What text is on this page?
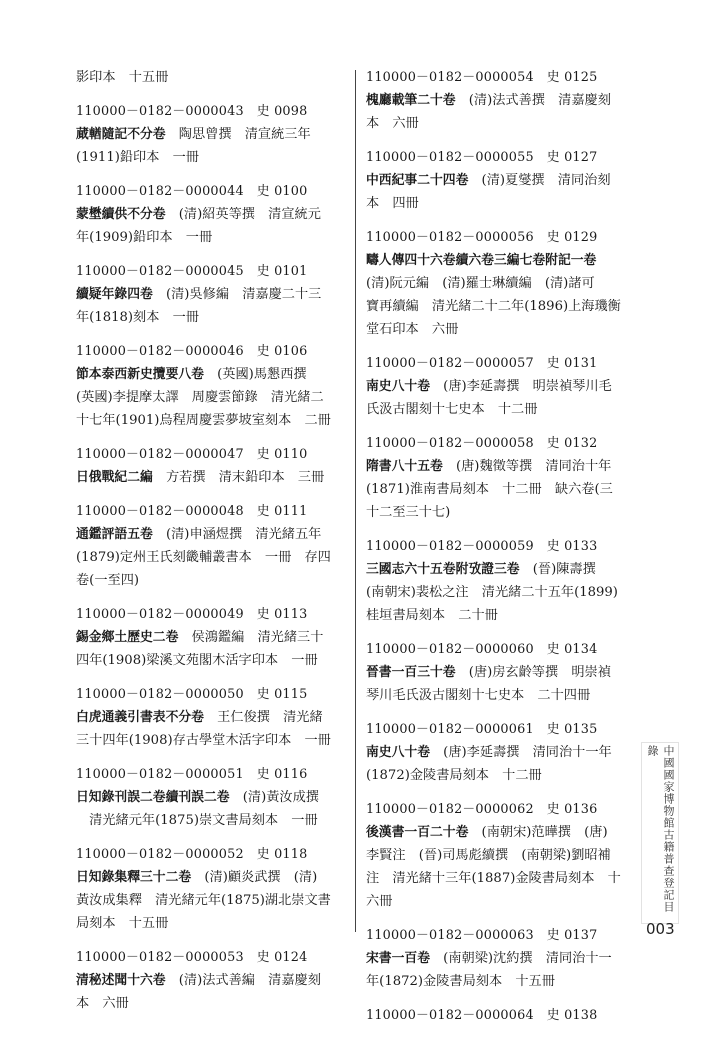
影印本　十五冊
110000－0182－0000043　史 0098
蕆輶隨記不分卷　陶思曾撰　清宣統三年
(1911)鉛印本　一冊
110000－0182－0000044　史 0100
蒙壄續供不分卷　(清)紹英等撰　清宣統元
年(1909)鉛印本　一冊
110000－0182－0000045　史 0101
續疑年錄四卷　(清)吳修編　清嘉慶二十三
年(1818)刻本　一冊
110000－0182－0000046　史 0106
節本泰西新史攬要八卷　(英國)馬懇西撰
(英國)李提摩太譯　周慶雲節錄　清光緒二
十七年(1901)烏程周慶雲夢坡室刻本　二冊
110000－0182－0000047　史 0110
日俄戰紀二編　方若撰　清末鉛印本　三冊
110000－0182－0000048　史 0111
通鑑評語五卷　(清)申涵煜撰　清光緒五年
(1879)定州王氏刻畿輔叢書本　一冊　存四
卷(一至四)
110000－0182－0000049　史 0113
錫金鄉土歷史二卷　侯鴻鑑編　清光緒三十
四年(1908)梁溪文苑閣木活字印本　一冊
110000－0182－0000050　史 0115
白虎通義引書表不分卷　王仁俊撰　清光緒
三十四年(1908)存古學堂木活字印本　一冊
110000－0182－0000051　史 0116
日知錄刊誤二卷續刊誤二卷　(清)黃汝成撰
　清光緒元年(1875)崇文書局刻本　一冊
110000－0182－0000052　史 0118
日知錄集釋三十二卷　(清)顧炎武撰　(清)
黃汝成集釋　清光緒元年(1875)湖北崇文書
局刻本　十五冊
110000－0182－0000053　史 0124
清秘述聞十六卷　(清)法式善編　清嘉慶刻
本　六冊
110000－0182－0000054　史 0125
槐廳載筆二十卷　(清)法式善撰　清嘉慶刻
本　六冊
110000－0182－0000055　史 0127
中西紀事二十四卷　(清)夏燮撰　清同治刻
本　四冊
110000－0182－0000056　史 0129
疇人傳四十六卷續六卷三編七卷附記一卷
(清)阮元編　(清)羅士琳續編　(清)諸可
寶再續編　清光緒二十二年(1896)上海璣衡
堂石印本　六冊
110000－0182－0000057　史 0131
南史八十卷　(唐)李延壽撰　明崇禎琴川毛
氏汲古閣刻十七史本　十二冊
110000－0182－0000058　史 0132
隋書八十五卷　(唐)魏徵等撰　清同治十年
(1871)淮南書局刻本　十二冊　缺六卷(三
十二至三十七)
110000－0182－0000059　史 0133
三國志六十五卷附攷證三卷　(晉)陳壽撰
(南朝宋)裴松之注　清光緒二十五年(1899)
桂垣書局刻本　二十冊
110000－0182－0000060　史 0134
晉書一百三十卷　(唐)房玄齡等撰　明崇禎
琴川毛氏汲古閣刻十七史本　二十四冊
110000－0182－0000061　史 0135
南史八十卷　(唐)李延壽撰　清同治十一年
(1872)金陵書局刻本　十二冊
110000－0182－0000062　史 0136
後漢書一百二十卷　(南朝宋)范曄撰　(唐)
李賢注　(晉)司馬彪續撰　(南朝梁)劉昭補
注　清光緒十三年(1887)金陵書局刻本　十
六冊
110000－0182－0000063　史 0137
宋書一百卷　(南朝梁)沈約撰　清同治十一
年(1872)金陵書局刻本　十五冊
110000－0182－0000064　史 0138
中國國家博物館古籍普查登記目錄
003
